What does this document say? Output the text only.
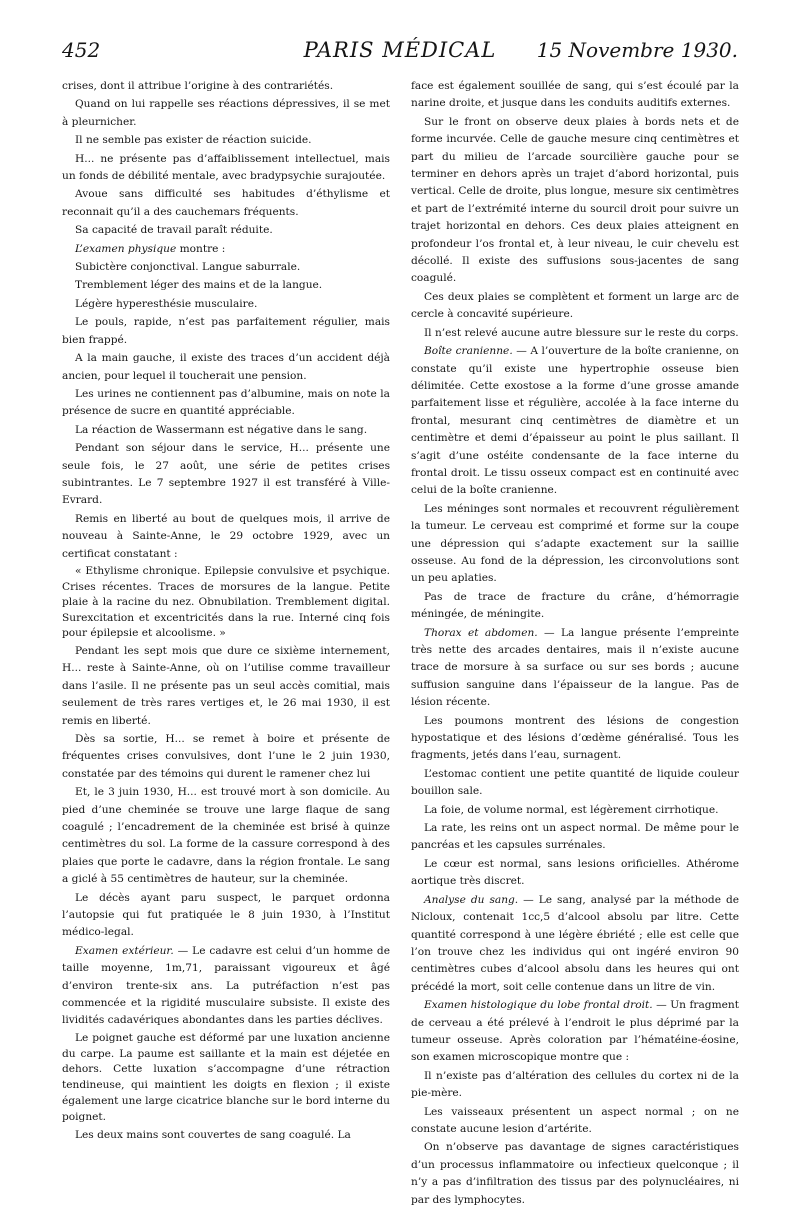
452	PARIS MÉDICAL	15 Novembre 1930.

crises, dont il attribue l’origine à des contrariétés.

Quand on lui rappelle ses réactions dépressives, il se met à pleurnicher.

Il ne semble pas exister de réaction suicide.

H... ne présente pas d’affaiblissement intellectuel, mais un fonds de débilité mentale, avec bradypsychie surajoutée.

Avoue sans difficulté ses habitudes d’éthylisme et reconnait qu’il a des cauchemars fréquents.

Sa capacité de travail paraît réduite.

L’examen physique montre :

Subictère conjonctival. Langue saburrale.

Tremblement léger des mains et de la langue.

Légère hyperesthésie musculaire.

Le pouls, rapide, n’est pas parfaitement régulier, mais bien frappé.

A la main gauche, il existe des traces d’un accident déjà ancien, pour lequel il toucherait une pension.

Les urines ne contiennent pas d’albumine, mais on note la présence de sucre en quantité appréciable.

La réaction de Wassermann est négative dans le sang.

Pendant son séjour dans le service, H... présente une seule fois, le 27 août, une série de petites crises subintrantes. Le 7 septembre 1927 il est transféré à Ville-Evrard.

Remis en liberté au bout de quelques mois, il arrive de nouveau à Sainte-Anne, le 29 octobre 1929, avec un certificat constatant :

« Ethylisme chronique. Epilepsie convulsive et psychique. Crises récentes. Traces de morsures de la langue. Petite plaie à la racine du nez. Obnubilation. Tremblement digital. Surexcitation et excentricités dans la rue. Interné cinq fois pour épilepsie et alcoolisme. »

Pendant les sept mois que dure ce sixième internement, H... reste à Sainte-Anne, où on l’utilise comme travailleur dans l’asile. Il ne présente pas un seul accès comitial, mais seulement de très rares vertiges et, le 26 mai 1930, il est remis en liberté.

Dès sa sortie, H... se remet à boire et présente de fréquentes crises convulsives, dont l’une le 2 juin 1930, constatée par des témoins qui durent le ramener chez lui

Et, le 3 juin 1930, H... est trouvé mort à son domicile. Au pied d’une cheminée se trouve une large flaque de sang coagulé ; l’encadrement de la cheminée est brisé à quinze centimètres du sol. La forme de la cassure correspond à des plaies que porte le cadavre, dans la région frontale. Le sang a giclé à 55 centimètres de hauteur, sur la cheminée.

Le décès ayant paru suspect, le parquet ordonna l’autopsie qui fut pratiquée le 8 juin 1930, à l’Institut médico-legal.

Examen extérieur. — Le cadavre est celui d’un homme de taille moyenne, 1m,71, paraissant vigoureux et âgé d’environ trente-six ans. La putréfaction n’est pas commencée et la rigidité musculaire subsiste. Il existe des lividités cadavériques abondantes dans les parties déclives.

Le poignet gauche est déformé par une luxation ancienne du carpe. La paume est saillante et la main est déjetée en dehors. Cette luxation s’accompagne d’une rétraction tendineuse, qui maintient les doigts en flexion ; il existe également une large cicatrice blanche sur le bord interne du poignet.

Les deux mains sont couvertes de sang coagulé. La

face est également souillée de sang, qui s’est écoulé par la narine droite, et jusque dans les conduits auditifs externes.

Sur le front on observe deux plaies à bords nets et de forme incurvée. Celle de gauche mesure cinq centimètres et part du milieu de l’arcade sourcilière gauche pour se terminer en dehors après un trajet d’abord horizontal, puis vertical. Celle de droite, plus longue, mesure six centimètres et part de l’extrémité interne du sourcil droit pour suivre un trajet horizontal en dehors. Ces deux plaies atteignent en profondeur l’os frontal et, à leur niveau, le cuir chevelu est décollé. Il existe des suffusions sous-jacentes de sang coagulé.

Ces deux plaies se complètent et forment un large arc de cercle à concavité supérieure.

Il n’est relevé aucune autre blessure sur le reste du corps.

Boîte cranienne. — A l’ouverture de la boîte cranienne, on constate qu’il existe une hypertrophie osseuse bien délimitée. Cette exostose a la forme d’une grosse amande parfaitement lisse et régulière, accolée à la face interne du frontal, mesurant cinq centimètres de diamètre et un centimètre et demi d’épaisseur au point le plus saillant. Il s’agit d’une ostéite condensante de la face interne du frontal droit. Le tissu osseux compact est en continuité avec celui de la boîte cranienne.

Les méninges sont normales et recouvrent régulièrement la tumeur. Le cerveau est comprimé et forme sur la coupe une dépression qui s’adapte exactement sur la saillie osseuse. Au fond de la dépression, les circonvolutions sont un peu aplaties.

Pas de trace de fracture du crâne, d’hémorragie méningée, de méningite.

Thorax et abdomen. — La langue présente l’empreinte très nette des arcades dentaires, mais il n’existe aucune trace de morsure à sa surface ou sur ses bords ; aucune suffusion sanguine dans l’épaisseur de la langue. Pas de lésion récente.

Les poumons montrent des lésions de congestion hypostatique et des lésions d’œdème généralisé. Tous les fragments, jetés dans l’eau, surnagent.

L’estomac contient une petite quantité de liquide couleur bouillon sale.

La foie, de volume normal, est légèrement cirrhotique.

La rate, les reins ont un aspect normal. De même pour le pancréas et les capsules surrénales.

Le cœur est normal, sans lesions orificielles. Athérome aortique très discret.

Analyse du sang. — Le sang, analysé par la méthode de Nicloux, contenait 1cc,5 d’alcool absolu par litre. Cette quantité correspond à une légère ébriété ; elle est celle que l’on trouve chez les individus qui ont ingéré environ 90 centimètres cubes d’alcool absolu dans les heures qui ont précédé la mort, soit celle contenue dans un litre de vin.

Examen histologique du lobe frontal droit. — Un fragment de cerveau a été prélevé à l’endroit le plus déprimé par la tumeur osseuse. Après coloration par l’hématéine-éosine, son examen microscopique montre que :

Il n’existe pas d’altération des cellules du cortex ni de la pie-mère.

Les vaisseaux présentent un aspect normal ; on ne constate aucune lesion d’artérite.

On n’observe pas davantage de signes caractéristiques d’un processus inflammatoire ou infectieux quelconque ; il n’y a pas d’infiltration des tissus par des polynucléaires, ni par des lymphocytes.
